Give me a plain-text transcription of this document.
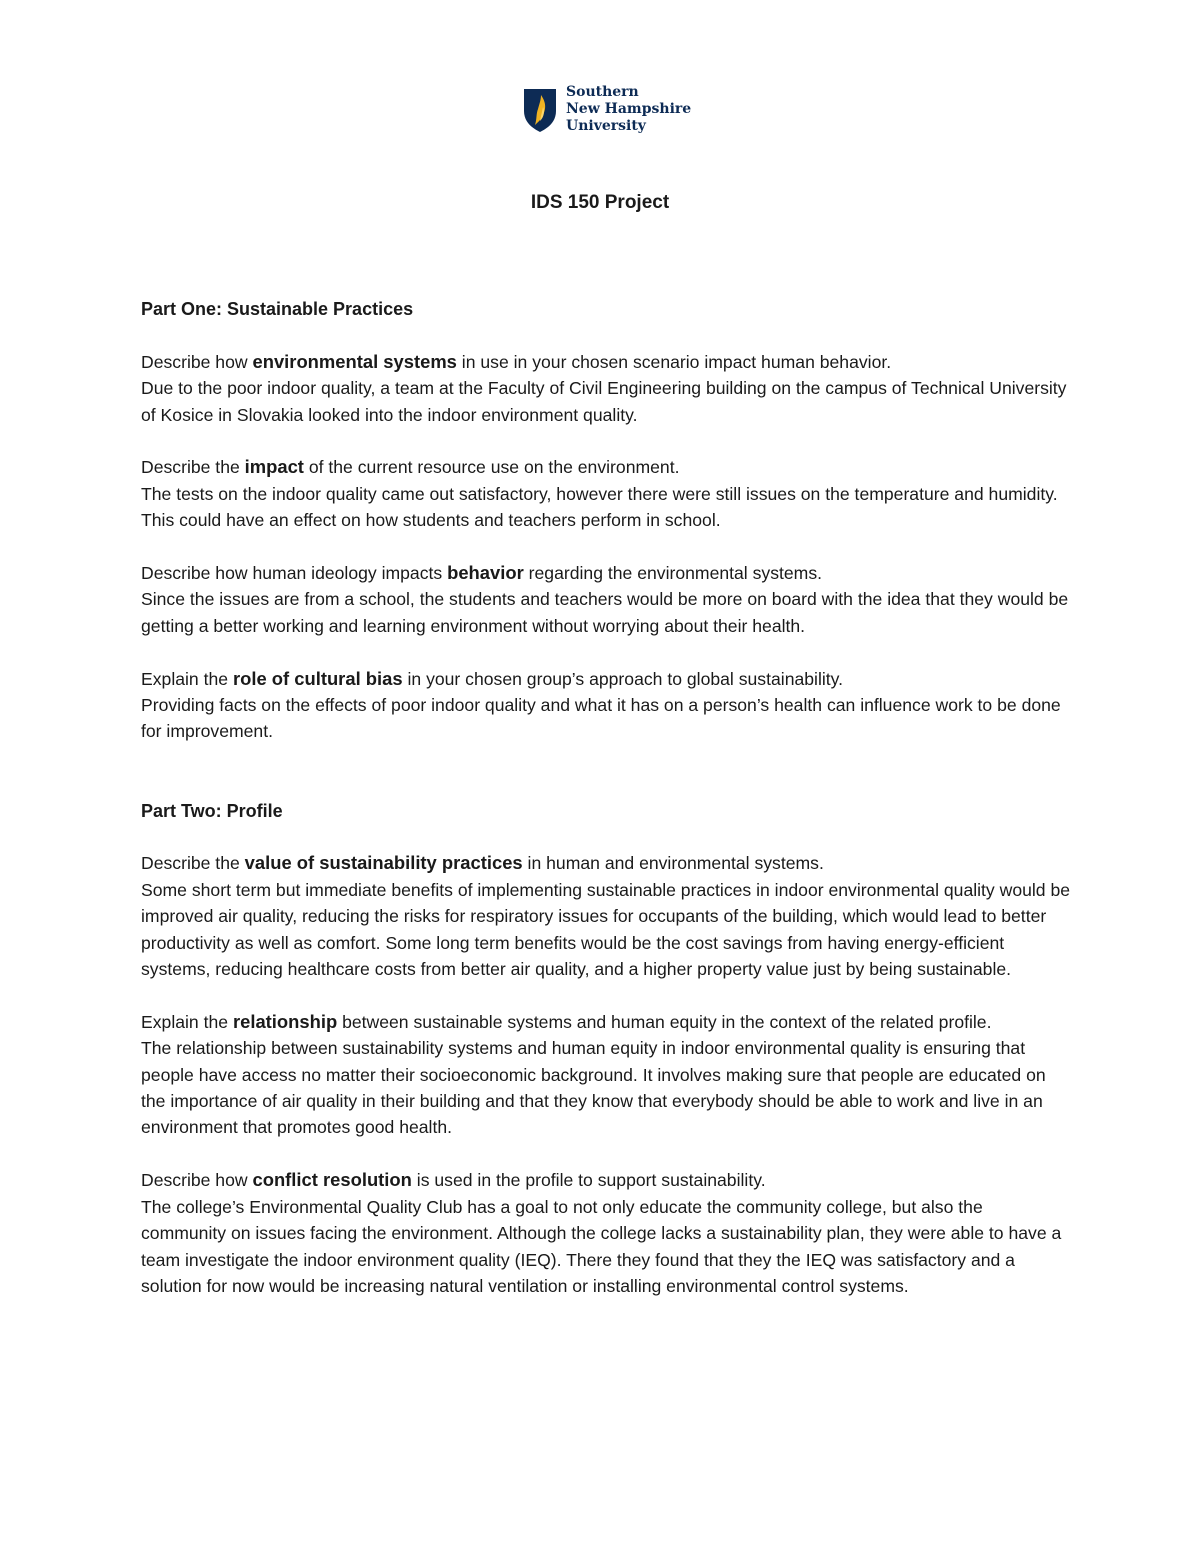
Southern
New Hampshire
University
IDS 150 Project
Part One: Sustainable Practices

Describe how environmental systems in use in your chosen scenario impact human behavior.

Due to the poor indoor quality, a team at the Faculty of Civil Engineering building on the campus of Technical University of Kosice in Slovakia looked into the indoor environment quality.

Describe the impact of the current resource use on the environment.

The tests on the indoor quality came out satisfactory, however there were still issues on the temperature and humidity. This could have an effect on how students and teachers perform in school.

Describe how human ideology impacts behavior regarding the environmental systems.

Since the issues are from a school, the students and teachers would be more on board with the idea that they would be getting a better working and learning environment without worrying about their health.

Explain the role of cultural bias in your chosen group’s approach to global sustainability.

Providing facts on the effects of poor indoor quality and what it has on a person’s health can influence work to be done for improvement.

Part Two: Profile

Describe the value of sustainability practices in human and environmental systems.

Some short term but immediate benefits of implementing sustainable practices in indoor environmental quality would be improved air quality, reducing the risks for respiratory issues for occupants of the building, which would lead to better productivity as well as comfort. Some long term benefits would be the cost savings from having energy-efficient systems, reducing healthcare costs from better air quality, and a higher property value just by being sustainable.

Explain the relationship between sustainable systems and human equity in the context of the related profile.

The relationship between sustainability systems and human equity in indoor environmental quality is ensuring that people have access no matter their socioeconomic background. It involves making sure that people are educated on the importance of air quality in their building and that they know that everybody should be able to work and live in an environment that promotes good health.

Describe how conflict resolution is used in the profile to support sustainability.

The college’s Environmental Quality Club has a goal to not only educate the community college, but also the community on issues facing the environment. Although the college lacks a sustainability plan, they were able to have a team investigate the indoor environment quality (IEQ). There they found that they the IEQ was satisfactory and a solution for now would be increasing natural ventilation or installing environmental control systems.
